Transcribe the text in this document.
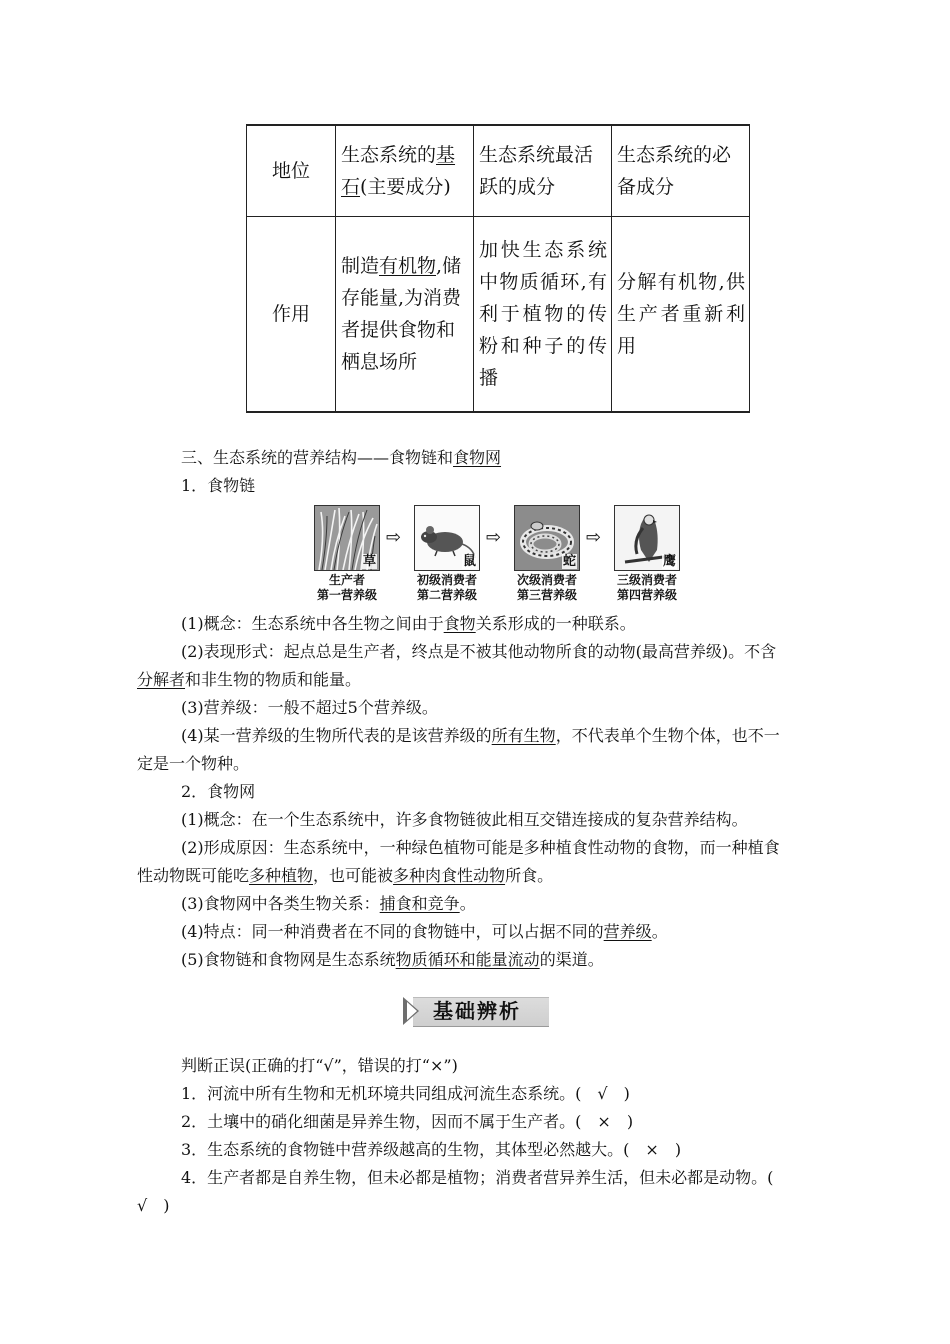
地位	生态系统的基石(主要成分)	生态系统最活跃的成分	生态系统的必备成分
作用	制造有机物,储存能量,为消费者提供食物和栖息场所	加快生态系统中物质循环,有利于植物的传粉和种子的传播	分解有机物,供生产者重新利用
三、生态系统的营养结构——食物链和食物网
1．食物链
草
⇨
鼠
⇨
蛇
⇨
鹰
生产者
第一营养级
初级消费者
第二营养级
次级消费者
第三营养级
三级消费者
第四营养级
(1)概念：生态系统中各生物之间由于食物关系形成的一种联系。
(2)表现形式：起点总是生产者，终点是不被其他动物所食的动物(最高营养级)。不含
分解者和非生物的物质和能量。
(3)营养级：一般不超过5个营养级。
(4)某一营养级的生物所代表的是该营养级的所有生物，不代表单个生物个体，也不一
定是一个物种。
2．食物网
(1)概念：在一个生态系统中，许多食物链彼此相互交错连接成的复杂营养结构。
(2)形成原因：生态系统中，一种绿色植物可能是多种植食性动物的食物，而一种植食
性动物既可能吃多种植物，也可能被多种肉食性动物所食。
(3)食物网中各类生物关系：捕食和竞争。
(4)特点：同一种消费者在不同的食物链中，可以占据不同的营养级。
(5)食物链和食物网是生态系统物质循环和能量流动的渠道。
基础辨析
判断正误(正确的打“√”，错误的打“×”)
1．河流中所有生物和无机环境共同组成河流生态系统。(　√　)
2．土壤中的硝化细菌是异养生物，因而不属于生产者。(　×　)
3．生态系统的食物链中营养级越高的生物，其体型必然越大。(　×　)
4．生产者都是自养生物，但未必都是植物；消费者营异养生活，但未必都是动物。(
√　)
